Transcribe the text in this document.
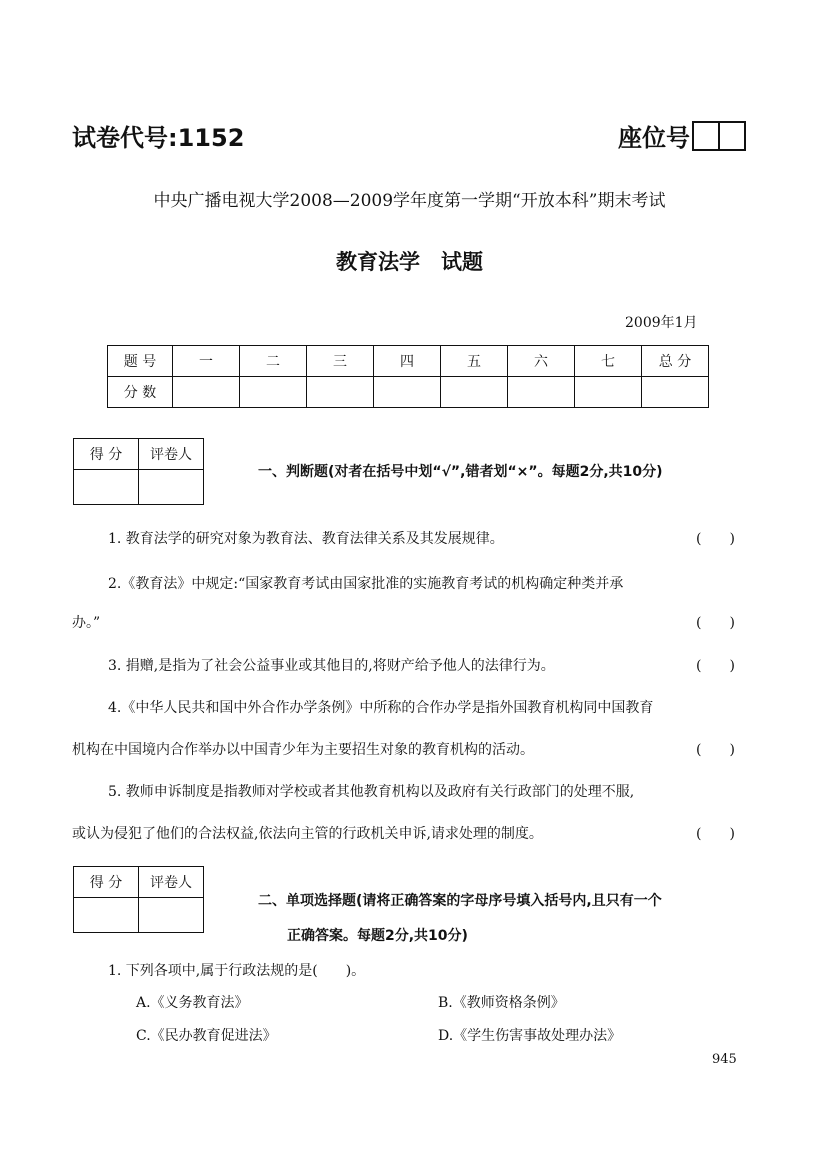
试卷代号:1152	座位号
中央广播电视大学2008—2009学年度第一学期“开放本科”期末考试
教育法学　试题
2009年1月
题 号	一	二	三	四	五	六	七	总 分
分 数								
得 分	评卷人

一、判断题(对者在括号中划“√”,错者划“×”。每题2分,共10分)
1. 教育法学的研究对象为教育法、教育法律关系及其发展规律。	(　　)
2.《教育法》中规定:“国家教育考试由国家批准的实施教育考试的机构确定种类并承
办。”	(　　)
3. 捐赠,是指为了社会公益事业或其他目的,将财产给予他人的法律行为。	(　　)
4.《中华人民共和国中外合作办学条例》中所称的合作办学是指外国教育机构同中国教育
机构在中国境内合作举办以中国青少年为主要招生对象的教育机构的活动。	(　　)
5. 教师申诉制度是指教师对学校或者其他教育机构以及政府有关行政部门的处理不服,
或认为侵犯了他们的合法权益,依法向主管的行政机关申诉,请求处理的制度。	(　　)
得 分	评卷人

二、单项选择题(请将正确答案的字母序号填入括号内,且只有一个
正确答案。每题2分,共10分)
1. 下列各项中,属于行政法规的是(　　)。
A.《义务教育法》	B.《教师资格条例》
C.《民办教育促进法》	D.《学生伤害事故处理办法》
945
